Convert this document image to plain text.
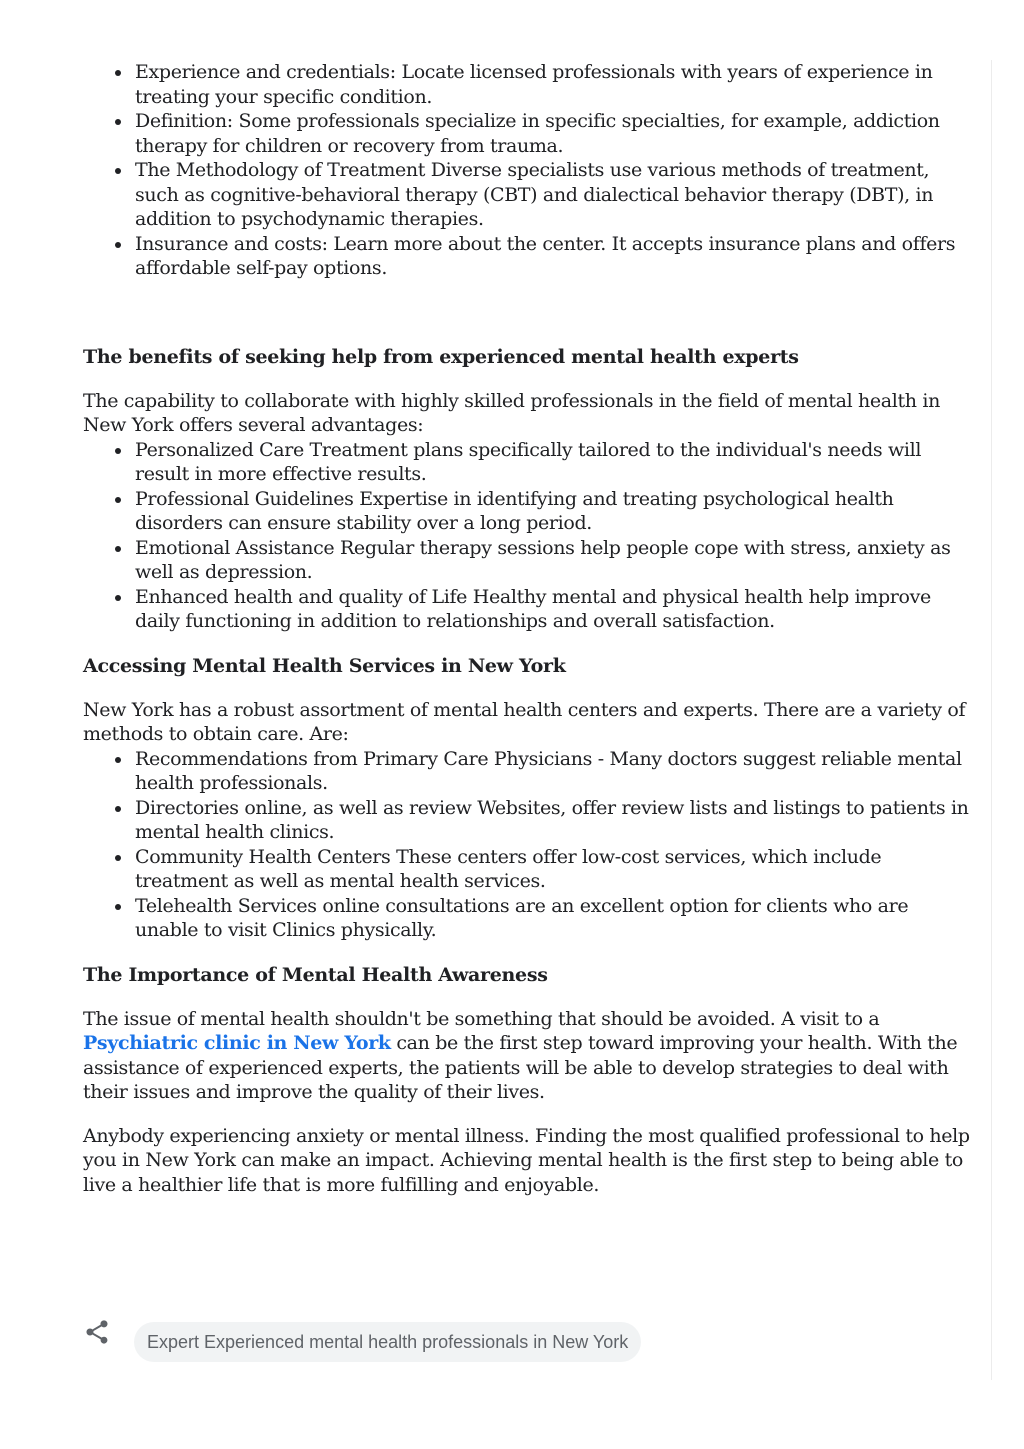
Experience and credentials: Locate licensed professionals with years of experience in treating your specific condition.
Definition: Some professionals specialize in specific specialties, for example, addiction therapy for children or recovery from trauma.
The Methodology of Treatment Diverse specialists use various methods of treatment, such as cognitive-behavioral therapy (CBT) and dialectical behavior therapy (DBT), in addition to psychodynamic therapies.
Insurance and costs: Learn more about the center. It accepts insurance plans and offers affordable self-pay options.
The benefits of seeking help from experienced mental health experts

The capability to collaborate with highly skilled professionals in the field of mental health in New York offers several advantages:

Personalized Care Treatment plans specifically tailored to the individual's needs will result in more effective results.
Professional Guidelines Expertise in identifying and treating psychological health disorders can ensure stability over a long period.
Emotional Assistance Regular therapy sessions help people cope with stress, anxiety as well as depression.
Enhanced health and quality of Life Healthy mental and physical health help improve daily functioning in addition to relationships and overall satisfaction.
Accessing Mental Health Services in New York

New York has a robust assortment of mental health centers and experts. There are a variety of methods to obtain care. Are:

Recommendations from Primary Care Physicians - Many doctors suggest reliable mental health professionals.
Directories online, as well as review Websites, offer review lists and listings to patients in mental health clinics.
Community Health Centers These centers offer low-cost services, which include treatment as well as mental health services.
Telehealth Services online consultations are an excellent option for clients who are unable to visit Clinics physically.
The Importance of Mental Health Awareness

The issue of mental health shouldn't be something that should be avoided. A visit to a Psychiatric clinic in New York can be the first step toward improving your health. With the assistance of experienced experts, the patients will be able to develop strategies to deal with their issues and improve the quality of their lives.

Anybody experiencing anxiety or mental illness. Finding the most qualified professional to help you in New York can make an impact. Achieving mental health is the first step to being able to live a healthier life that is more fulfilling and enjoyable.

Expert Experienced mental health professionals in New York
